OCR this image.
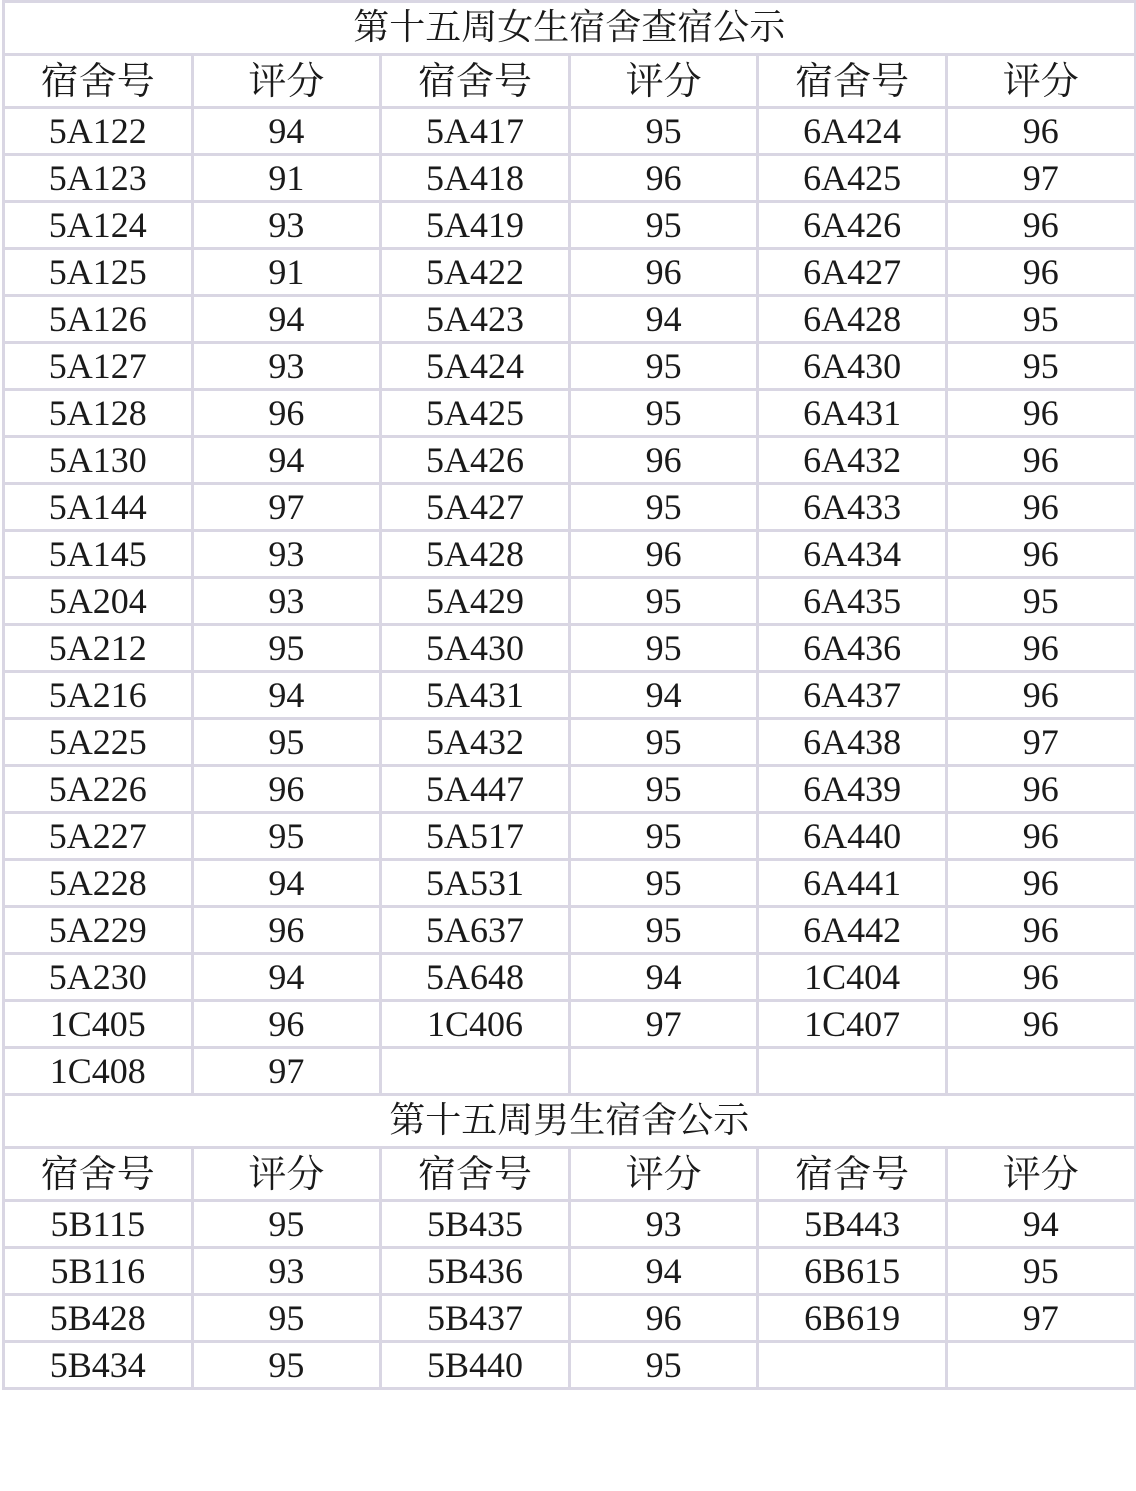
第十五周女生宿舍查宿公示					
宿舍号	评分	宿舍号	评分	宿舍号	评分
5A122	94	5A417	95	6A424	96
5A123	91	5A418	96	6A425	97
5A124	93	5A419	95	6A426	96
5A125	91	5A422	96	6A427	96
5A126	94	5A423	94	6A428	95
5A127	93	5A424	95	6A430	95
5A128	96	5A425	95	6A431	96
5A130	94	5A426	96	6A432	96
5A144	97	5A427	95	6A433	96
5A145	93	5A428	96	6A434	96
5A204	93	5A429	95	6A435	95
5A212	95	5A430	95	6A436	96
5A216	94	5A431	94	6A437	96
5A225	95	5A432	95	6A438	97
5A226	96	5A447	95	6A439	96
5A227	95	5A517	95	6A440	96
5A228	94	5A531	95	6A441	96
5A229	96	5A637	95	6A442	96
5A230	94	5A648	94	1C404	96
1C405	96	1C406	97	1C407	96
1C408	97				
第十五周男生宿舍公示					
宿舍号	评分	宿舍号	评分	宿舍号	评分
5B115	95	5B435	93	5B443	94
5B116	93	5B436	94	6B615	95
5B428	95	5B437	96	6B619	97
5B434	95	5B440	95		
